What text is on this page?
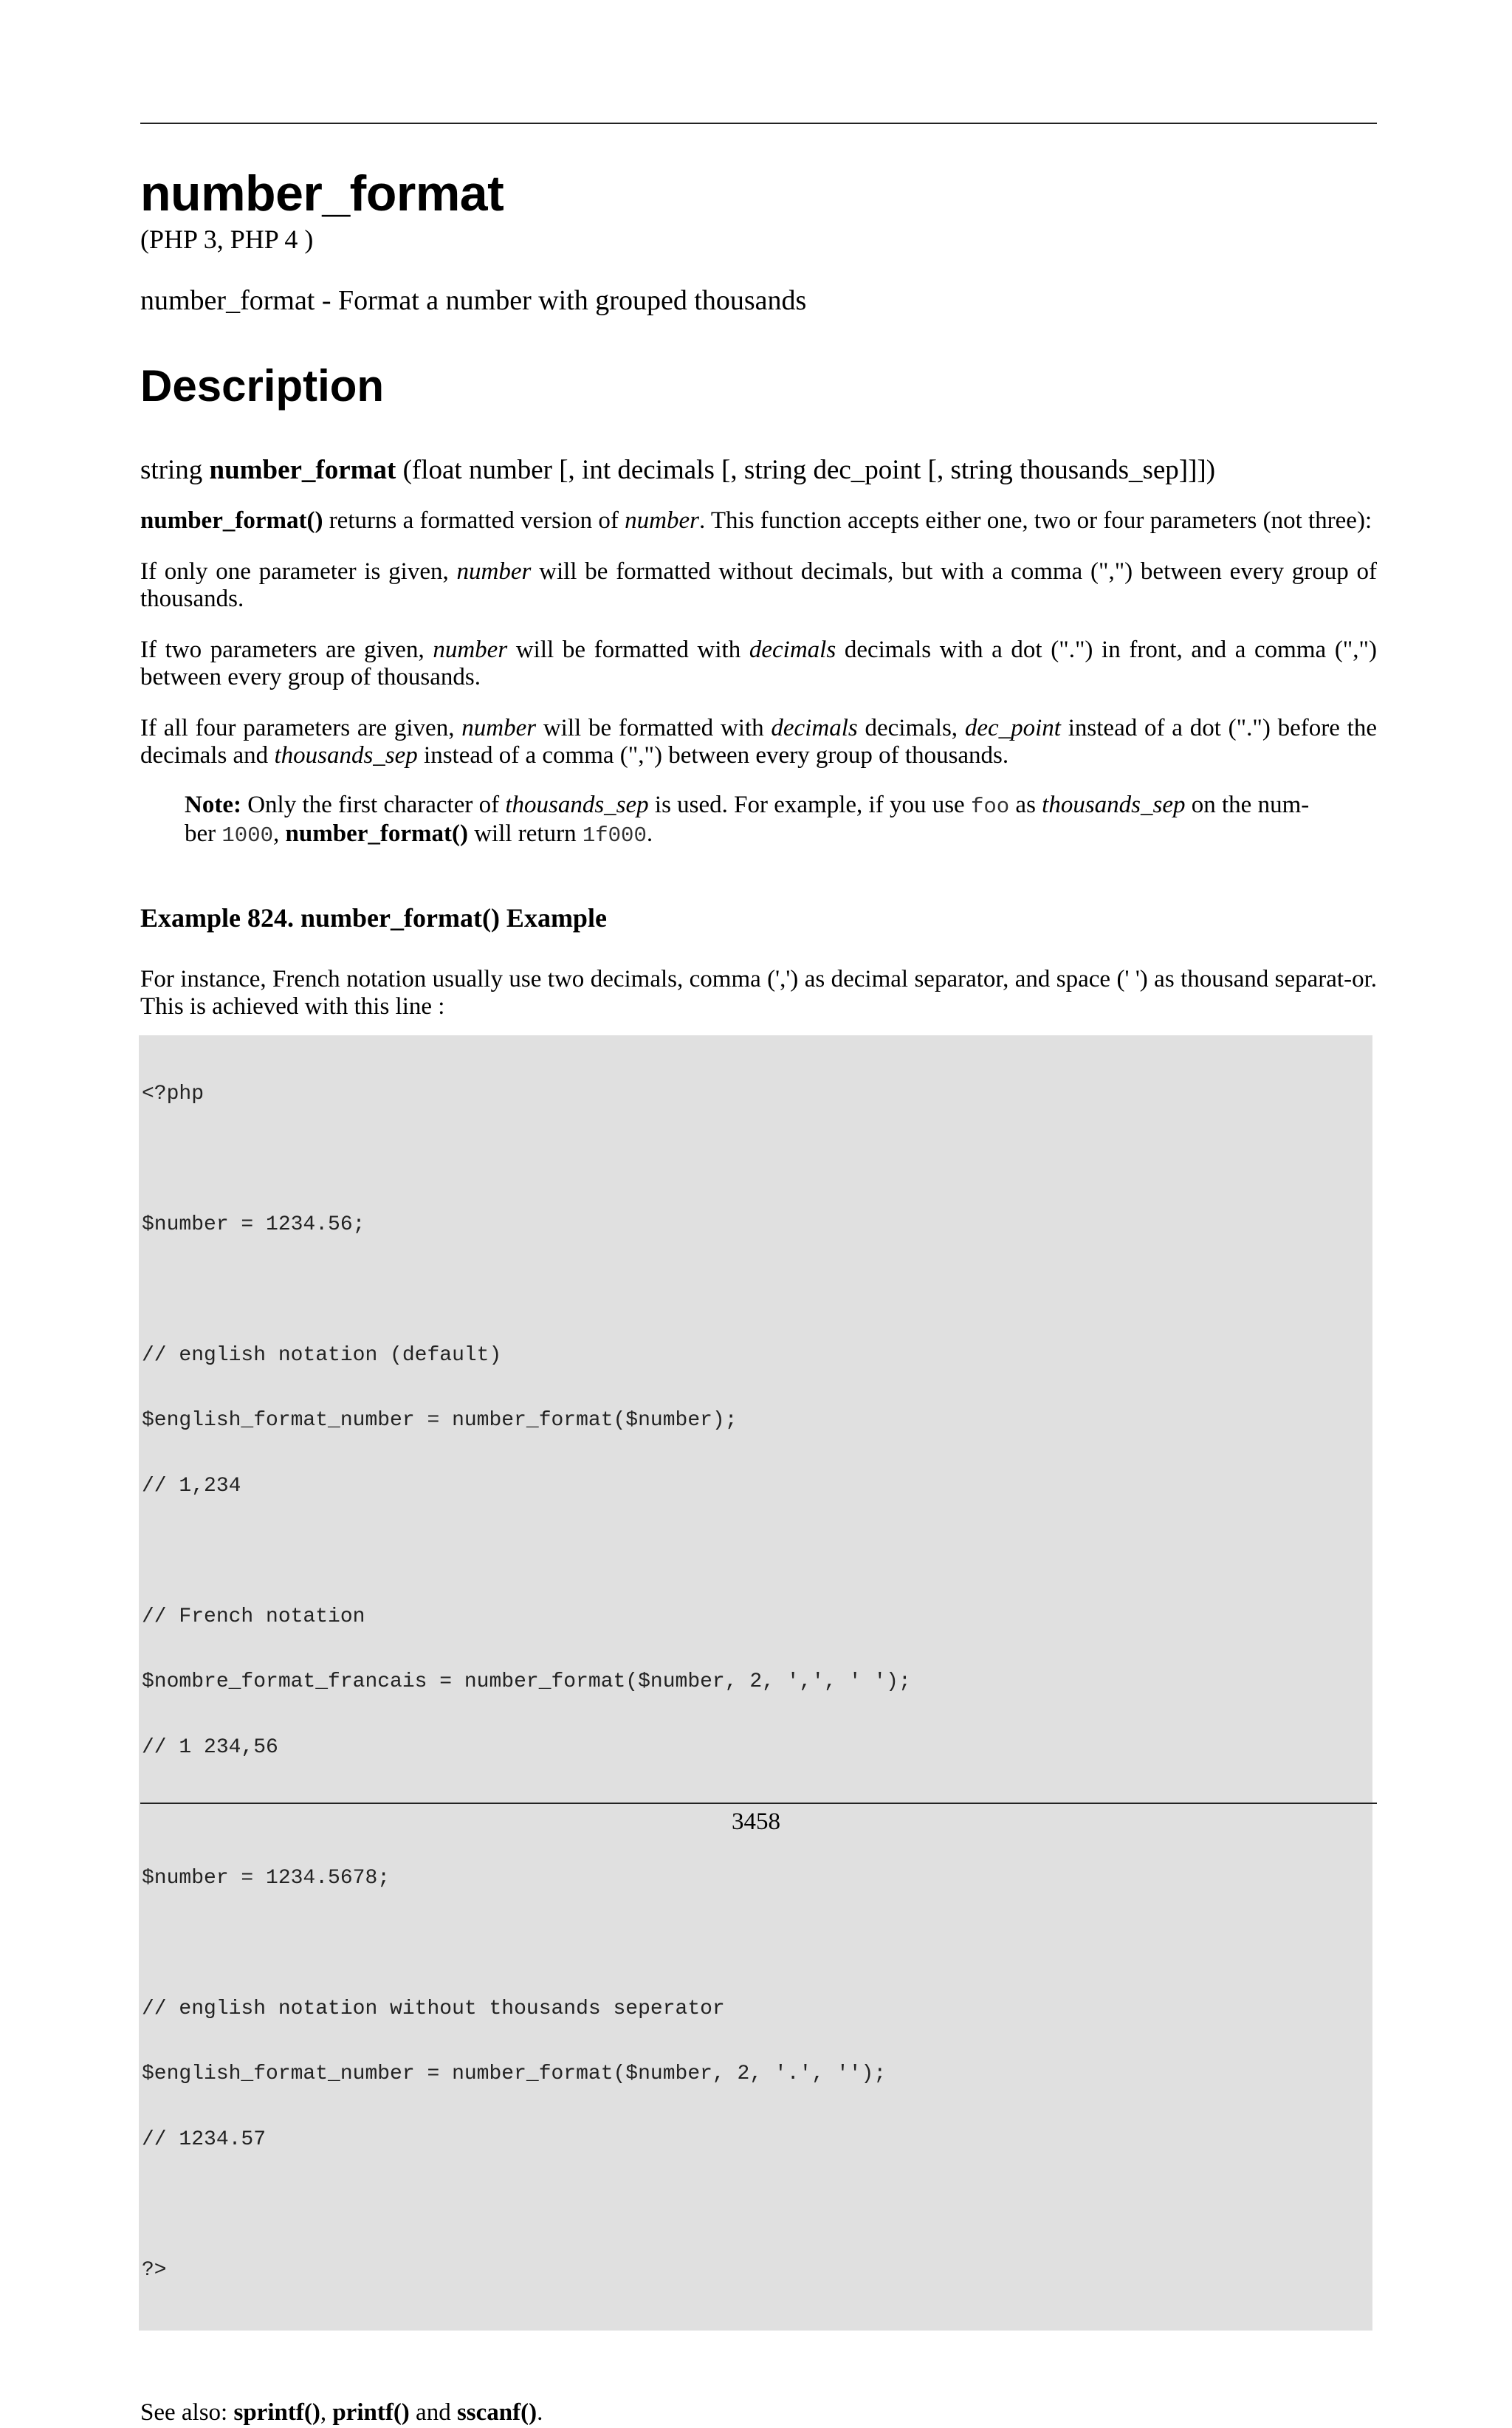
number_format
(PHP 3, PHP 4 )
number_format - Format a number with grouped thousands
Description
string number_format (float number [, int decimals [, string dec_point [, string thousands_sep]]])

number_format() returns a formatted version of number. This function accepts either one, two or four parameters (not three):

If only one parameter is given, number will be formatted without decimals, but with a comma (",") between every group of thousands.

If two parameters are given, number will be formatted with decimals decimals with a dot (".") in front, and a comma (",") between every group of thousands.

If all four parameters are given, number will be formatted with decimals decimals, dec_point instead of a dot (".") before the decimals and thousands_sep instead of a comma (",") between every group of thousands.

Note: Only the first character of thousands_sep is used. For example, if you use foo as thousands_sep on the num-ber 1000, number_format() will return 1f000.

Example 824. number_format() Example
For instance, French notation usually use two decimals, comma (',') as decimal separator, and space (' ') as thousand separat-or. This is achieved with this line :

<?php

$number = 1234.56;

// english notation (default)

$english_format_number = number_format($number);

// 1,234

// French notation

$nombre_format_francais = number_format($number, 2, ',', ' ');

// 1 234,56

$number = 1234.5678;

// english notation without thousands seperator

$english_format_number = number_format($number, 2, '.', '');

// 1234.57

?>

See also: sprintf(), printf() and sscanf().
3458
